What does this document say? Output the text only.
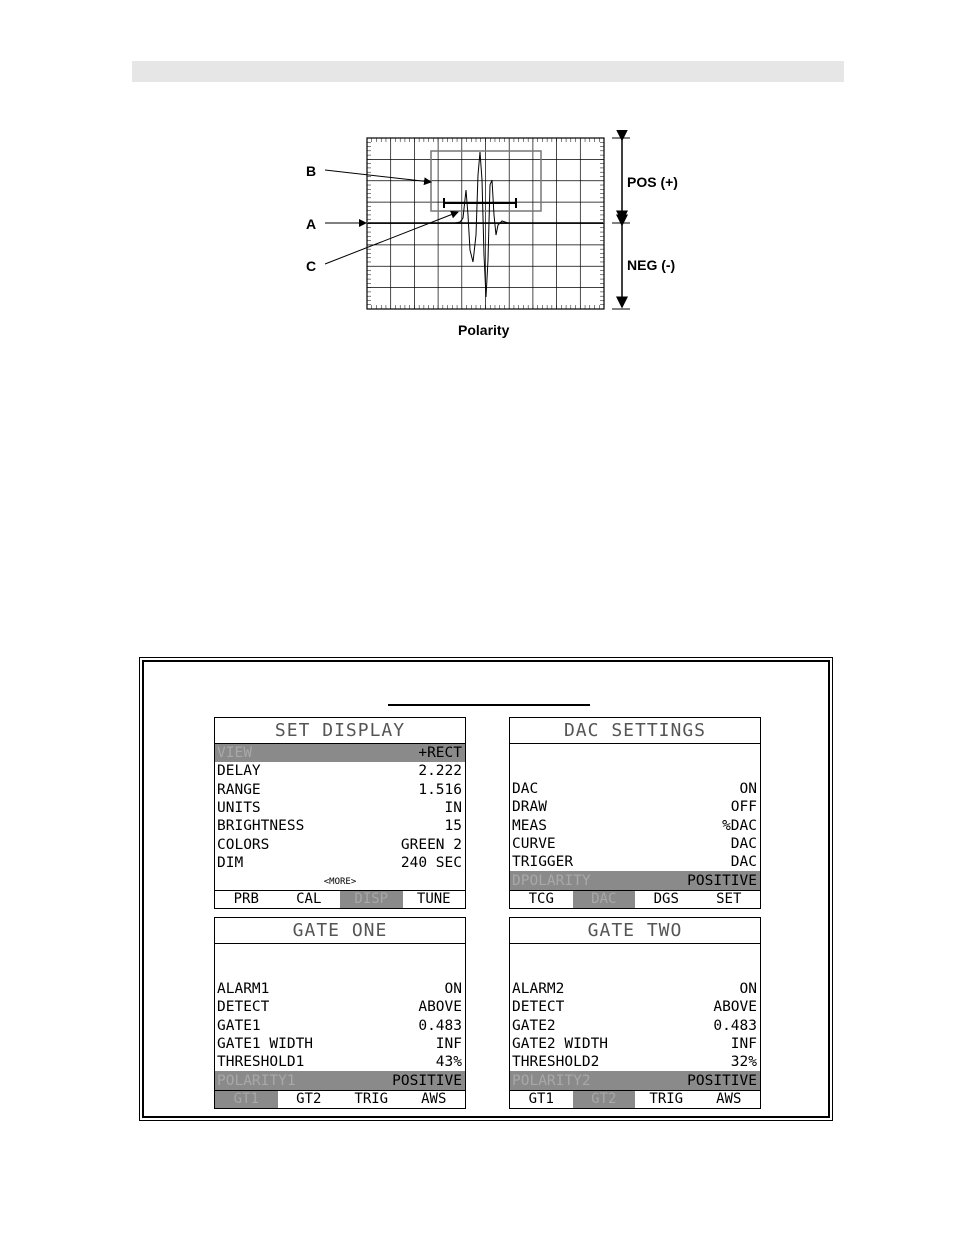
B
A
C
POS (+)
NEG (-)
Polarity
SET DISPLAY
VIEW	+RECT
DELAY	2.222
RANGE	1.516
UNITS	IN
BRIGHTNESS	15
COLORS	GREEN 2
DIM	240 SEC
<MORE>
PRB	CAL	DISP	TUNE
DAC SETTINGS
DAC	ON
DRAW	OFF
MEAS	%DAC
CURVE	DAC
TRIGGER	DAC
DPOLARITY	POSITIVE
TCG	DAC	DGS	SET
GATE ONE
ALARM1	ON
DETECT	ABOVE
GATE1	0.483
GATE1 WIDTH	INF
THRESHOLD1	43%
POLARITY1	POSITIVE
GT1	GT2	TRIG	AWS
GATE TWO
ALARM2	ON
DETECT	ABOVE
GATE2	0.483
GATE2 WIDTH	INF
THRESHOLD2	32%
POLARITY2	POSITIVE
GT1	GT2	TRIG	AWS
